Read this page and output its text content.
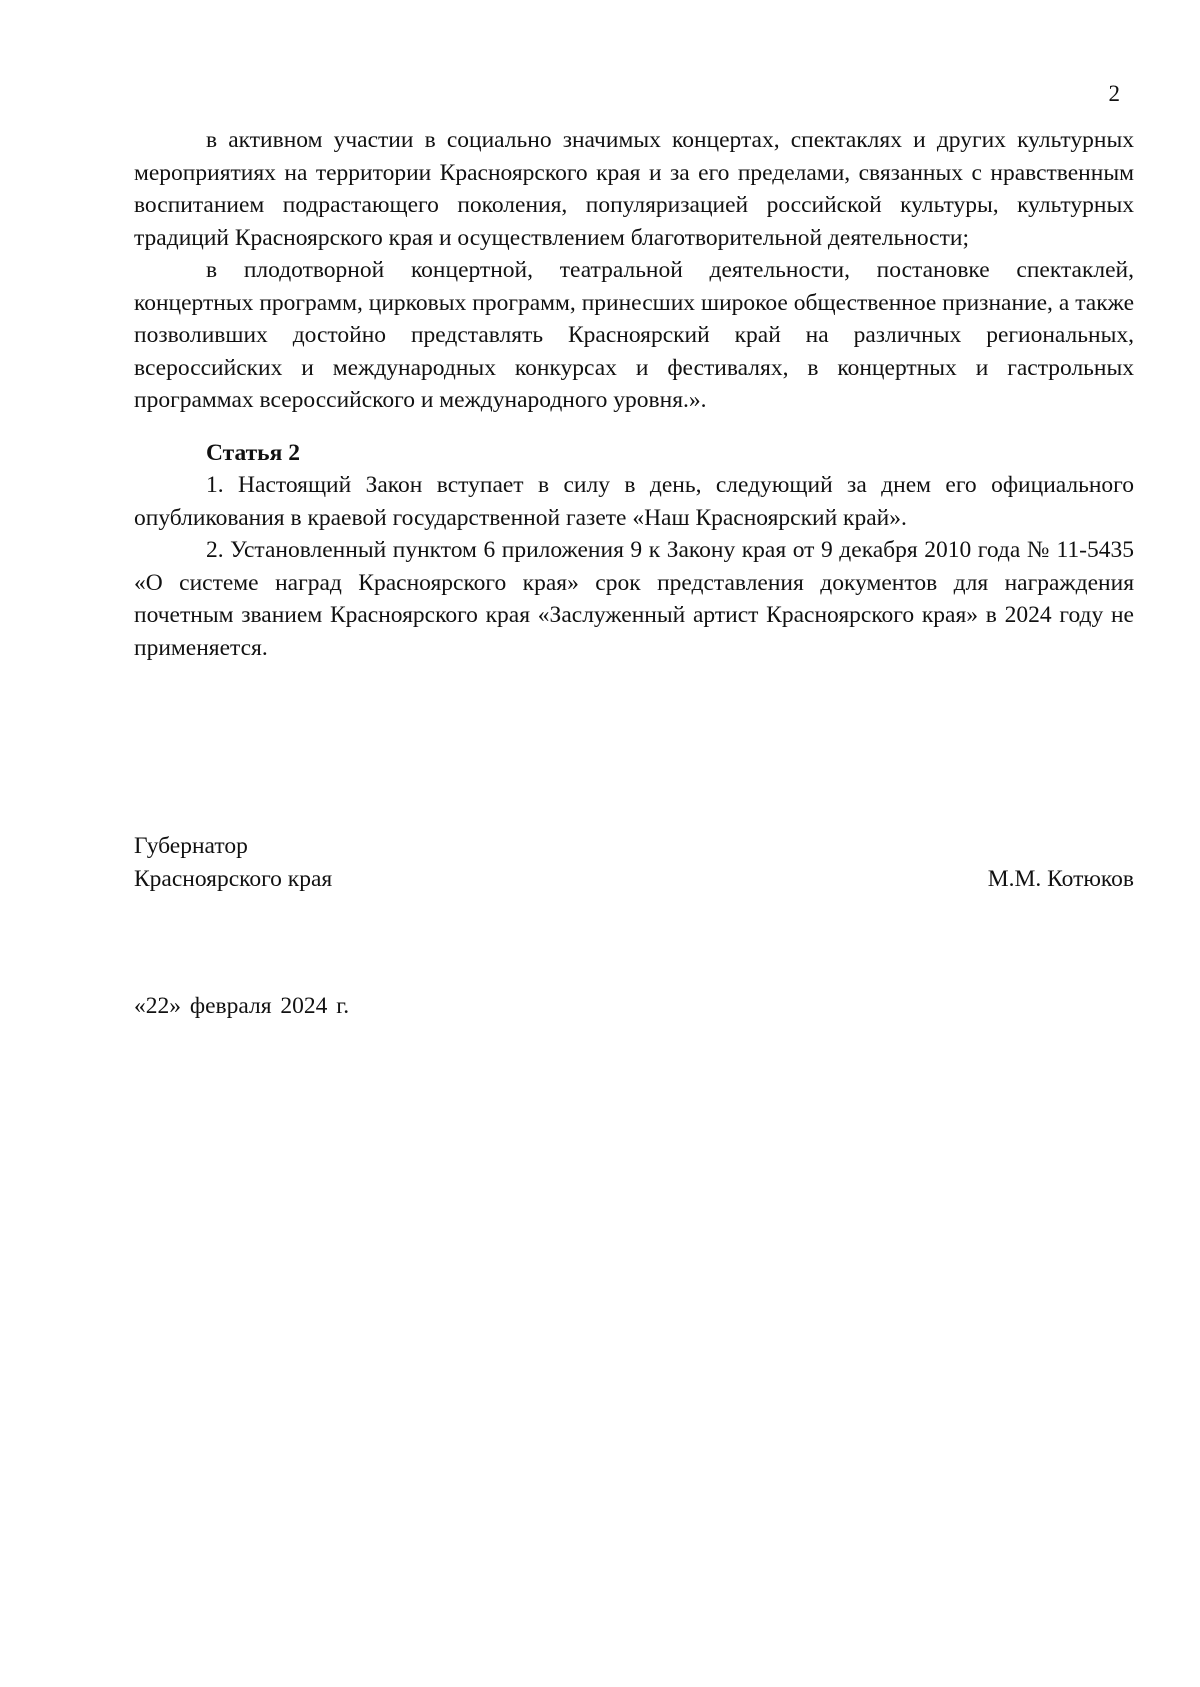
2

в активном участии в социально значимых концертах, спектаклях и других культурных мероприятиях на территории Красноярского края и за его пределами, связанных с нравственным воспитанием подрастающего поколения, популяризацией российской культуры, культурных традиций Красноярского края и осуществлением благотворительной деятельности;

в плодотворной концертной, театральной деятельности, постановке спектаклей, концертных программ, цирковых программ, принесших широкое общественное признание, а также позволивших достойно представлять Красноярский край на различных региональных, всероссийских и международных конкурсах и фестивалях, в концертных и гастрольных программах всероссийского и международного уровня.».

Статья 2

1. Настоящий Закон вступает в силу в день, следующий за днем его официального опубликования в краевой государственной газете «Наш Красноярский край».

2. Установленный пунктом 6 приложения 9 к Закону края от 9 декабря 2010 года № 11-5435 «О системе наград Красноярского края» срок представления документов для награждения почетным званием Красноярского края «Заслуженный артист Красноярского края» в 2024 году не применяется.

Губернатор
Красноярского края	М.М. Котюков
«22» февраля 2024 г.
